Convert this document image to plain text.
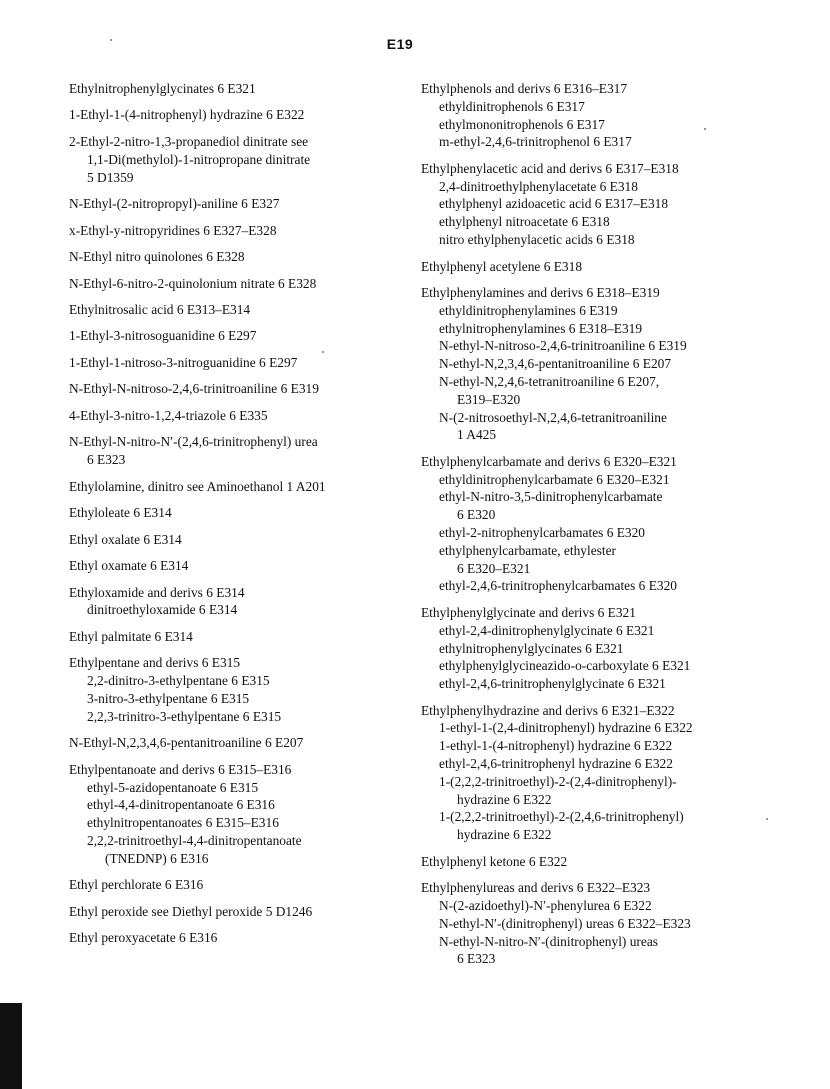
E19
Ethylnitrophenylglycinates 6 E321
1-Ethyl-1-(4-nitrophenyl) hydrazine 6 E322
2-Ethyl-2-nitro-1,3-propanediol dinitrate see
1,1-Di(methylol)-1-nitropropane dinitrate
5 D1359
N-Ethyl-(2-nitropropyl)-aniline 6 E327
x-Ethyl-y-nitropyridines 6 E327–E328
N-Ethyl nitro quinolones 6 E328
N-Ethyl-6-nitro-2-quinolonium nitrate 6 E328
Ethylnitrosalic acid 6 E313–E314
1-Ethyl-3-nitrosoguanidine 6 E297
1-Ethyl-1-nitroso-3-nitroguanidine 6 E297
N-Ethyl-N-nitroso-2,4,6-trinitroaniline 6 E319
4-Ethyl-3-nitro-1,2,4-triazole 6 E335
N-Ethyl-N-nitro-N′-(2,4,6-trinitrophenyl) urea
6 E323
Ethylolamine, dinitro see Aminoethanol 1 A201
Ethyloleate 6 E314
Ethyl oxalate 6 E314
Ethyl oxamate 6 E314
Ethyloxamide and derivs 6 E314
dinitroethyloxamide 6 E314
Ethyl palmitate 6 E314
Ethylpentane and derivs 6 E315
2,2-dinitro-3-ethylpentane 6 E315
3-nitro-3-ethylpentane 6 E315
2,2,3-trinitro-3-ethylpentane 6 E315
N-Ethyl-N,2,3,4,6-pentanitroaniline 6 E207
Ethylpentanoate and derivs 6 E315–E316
ethyl-5-azidopentanoate 6 E315
ethyl-4,4-dinitropentanoate 6 E316
ethylnitropentanoates 6 E315–E316
2,2,2-trinitroethyl-4,4-dinitropentanoate
(TNEDNP) 6 E316
Ethyl perchlorate 6 E316
Ethyl peroxide see Diethyl peroxide 5 D1246
Ethyl peroxyacetate 6 E316
Ethylphenols and derivs 6 E316–E317
ethyldinitrophenols 6 E317
ethylmononitrophenols 6 E317
m-ethyl-2,4,6-trinitrophenol 6 E317
Ethylphenylacetic acid and derivs 6 E317–E318
2,4-dinitroethylphenylacetate 6 E318
ethylphenyl azidoacetic acid 6 E317–E318
ethylphenyl nitroacetate 6 E318
nitro ethylphenylacetic acids 6 E318
Ethylphenyl acetylene 6 E318
Ethylphenylamines and derivs 6 E318–E319
ethyldinitrophenylamines 6 E319
ethylnitrophenylamines 6 E318–E319
N-ethyl-N-nitroso-2,4,6-trinitroaniline 6 E319
N-ethyl-N,2,3,4,6-pentanitroaniline 6 E207
N-ethyl-N,2,4,6-tetranitroaniline 6 E207,
E319–E320
N-(2-nitrosoethyl-N,2,4,6-tetranitroaniline
1 A425
Ethylphenylcarbamate and derivs 6 E320–E321
ethyldinitrophenylcarbamate 6 E320–E321
ethyl-N-nitro-3,5-dinitrophenylcarbamate
6 E320
ethyl-2-nitrophenylcarbamates 6 E320
ethylphenylcarbamate, ethylester
6 E320–E321
ethyl-2,4,6-trinitrophenylcarbamates 6 E320
Ethylphenylglycinate and derivs 6 E321
ethyl-2,4-dinitrophenylglycinate 6 E321
ethylnitrophenylglycinates 6 E321
ethylphenylglycineazido-o-carboxylate 6 E321
ethyl-2,4,6-trinitrophenylglycinate 6 E321
Ethylphenylhydrazine and derivs 6 E321–E322
1-ethyl-1-(2,4-dinitrophenyl) hydrazine 6 E322
1-ethyl-1-(4-nitrophenyl) hydrazine 6 E322
ethyl-2,4,6-trinitrophenyl hydrazine 6 E322
1-(2,2,2-trinitroethyl)-2-(2,4-dinitrophenyl)-
hydrazine 6 E322
1-(2,2,2-trinitroethyl)-2-(2,4,6-trinitrophenyl)
hydrazine 6 E322
Ethylphenyl ketone 6 E322
Ethylphenylureas and derivs 6 E322–E323
N-(2-azidoethyl)-N′-phenylurea 6 E322
N-ethyl-N′-(dinitrophenyl) ureas 6 E322–E323
N-ethyl-N-nitro-N′-(dinitrophenyl) ureas
6 E323
